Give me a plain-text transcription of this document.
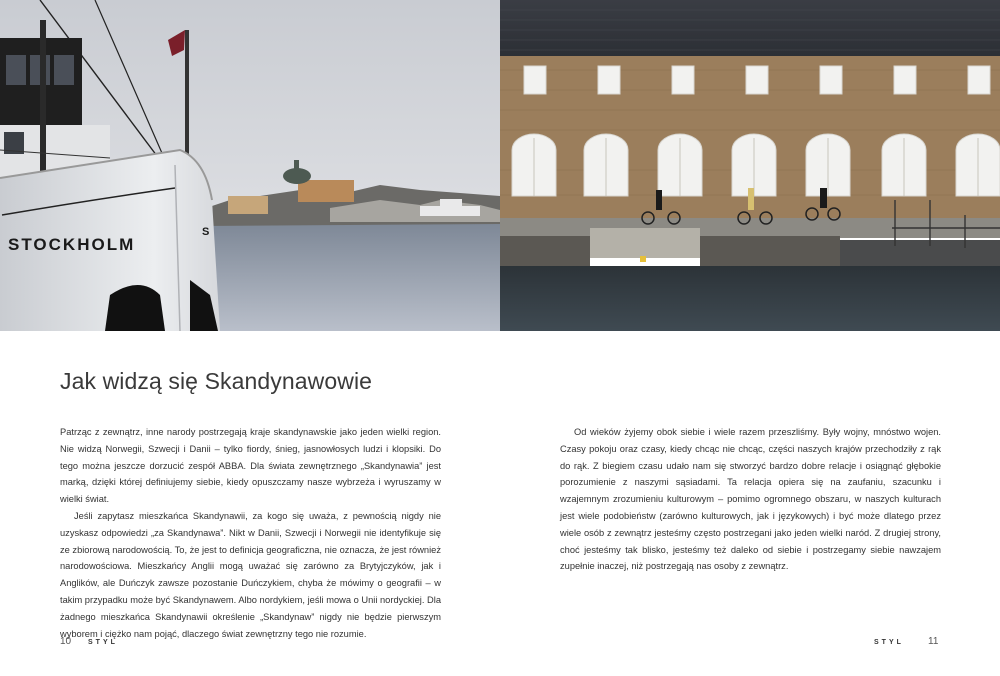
STOCKHOLM
S
Jak widzą się Skandynawowie

Patrząc z zewnątrz, inne narody postrzegają kraje skandynawskie jako jeden wielki region. Nie widzą Norwegii, Szwecji i Danii – tylko fiordy, śnieg, jasnowłosych ludzi i klopsiki. Do tego można jeszcze dorzucić zespół ABBA. Dla świata zewnętrznego „Skandynawia” jest marką, dzięki której definiujemy siebie, kiedy opuszczamy nasze wybrzeża i wyruszamy w wielki świat.

Jeśli zapytasz mieszkańca Skandynawii, za kogo się uważa, z pewnością nigdy nie uzyskasz odpowiedzi „za Skandynawa”. Nikt w Danii, Szwecji i Norwegii nie identyfikuje się ze zbiorową narodowością. To, że jest to definicja geograficzna, nie oznacza, że jest również narodowościowa. Mieszkańcy Anglii mogą uważać się zarówno za Brytyjczyków, jak i Anglików, ale Duńczyk zawsze pozostanie Duńczykiem, chyba że mówimy o geografii – w takim przypadku może być Skandynawem. Albo nordykiem, jeśli mowa o Unii nordyckiej. Dla żadnego mieszkańca Skandynawii określenie „Skandynaw” nigdy nie będzie pierwszym wyborem i ciężko nam pojąć, dlaczego świat zewnętrzny tego nie rozumie.

Od wieków żyjemy obok siebie i wiele razem przeszliśmy. Były wojny, mnóstwo wojen. Czasy pokoju oraz czasy, kiedy chcąc nie chcąc, części naszych krajów przechodziły z rąk do rąk. Z biegiem czasu udało nam się stworzyć bardzo dobre relacje i osiągnąć głębokie porozumienie z naszymi sąsiadami. Ta relacja opiera się na zaufaniu, szacunku i wzajemnym zrozumieniu kulturowym – pomimo ogromnego obszaru, w naszych kulturach jest wiele podobieństw (zarówno kulturowych, jak i językowych) i być może dlatego przez wiele osób z zewnątrz jesteśmy często postrzegani jako jeden wielki naród. Z drugiej strony, choć jesteśmy tak blisko, jesteśmy też daleko od siebie i postrzegamy siebie nawzajem zupełnie inaczej, niż postrzegają nas osoby z zewnątrz.

10 STYL	STYL 11
